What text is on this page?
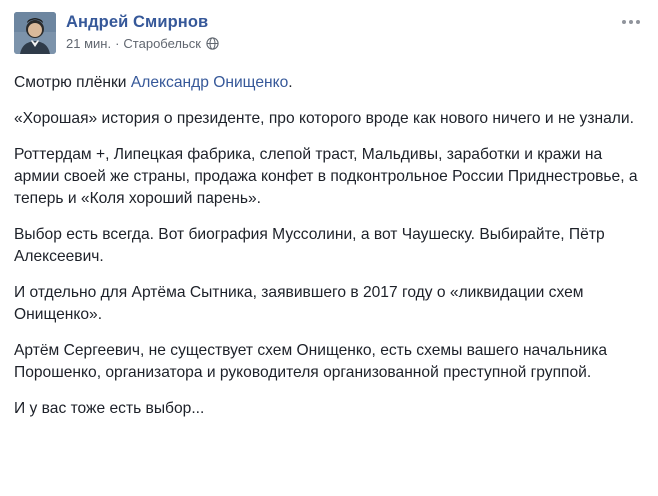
Андрей Смирнов
21 мин. · Старобельск

Смотрю плёнки Александр Онищенко.

«Хорошая» история о президенте, про которого вроде как нового ничего и не узнали.

Роттердам +, Липецкая фабрика, слепой траст, Мальдивы, заработки и кражи на армии своей же страны, продажа конфет в подконтрольное России Приднестровье, а теперь и «Коля хороший парень».

Выбор есть всегда. Вот биография Муссолини, а вот Чаушеску. Выбирайте, Пётр Алексеевич.

И отдельно для Артёма Сытника, заявившего в 2017 году о «ликвидации схем Онищенко».

Артём Сергеевич, не существует схем Онищенко, есть схемы вашего начальника Порошенко, организатора и руководителя организованной преступной группой.

И у вас тоже есть выбор...
